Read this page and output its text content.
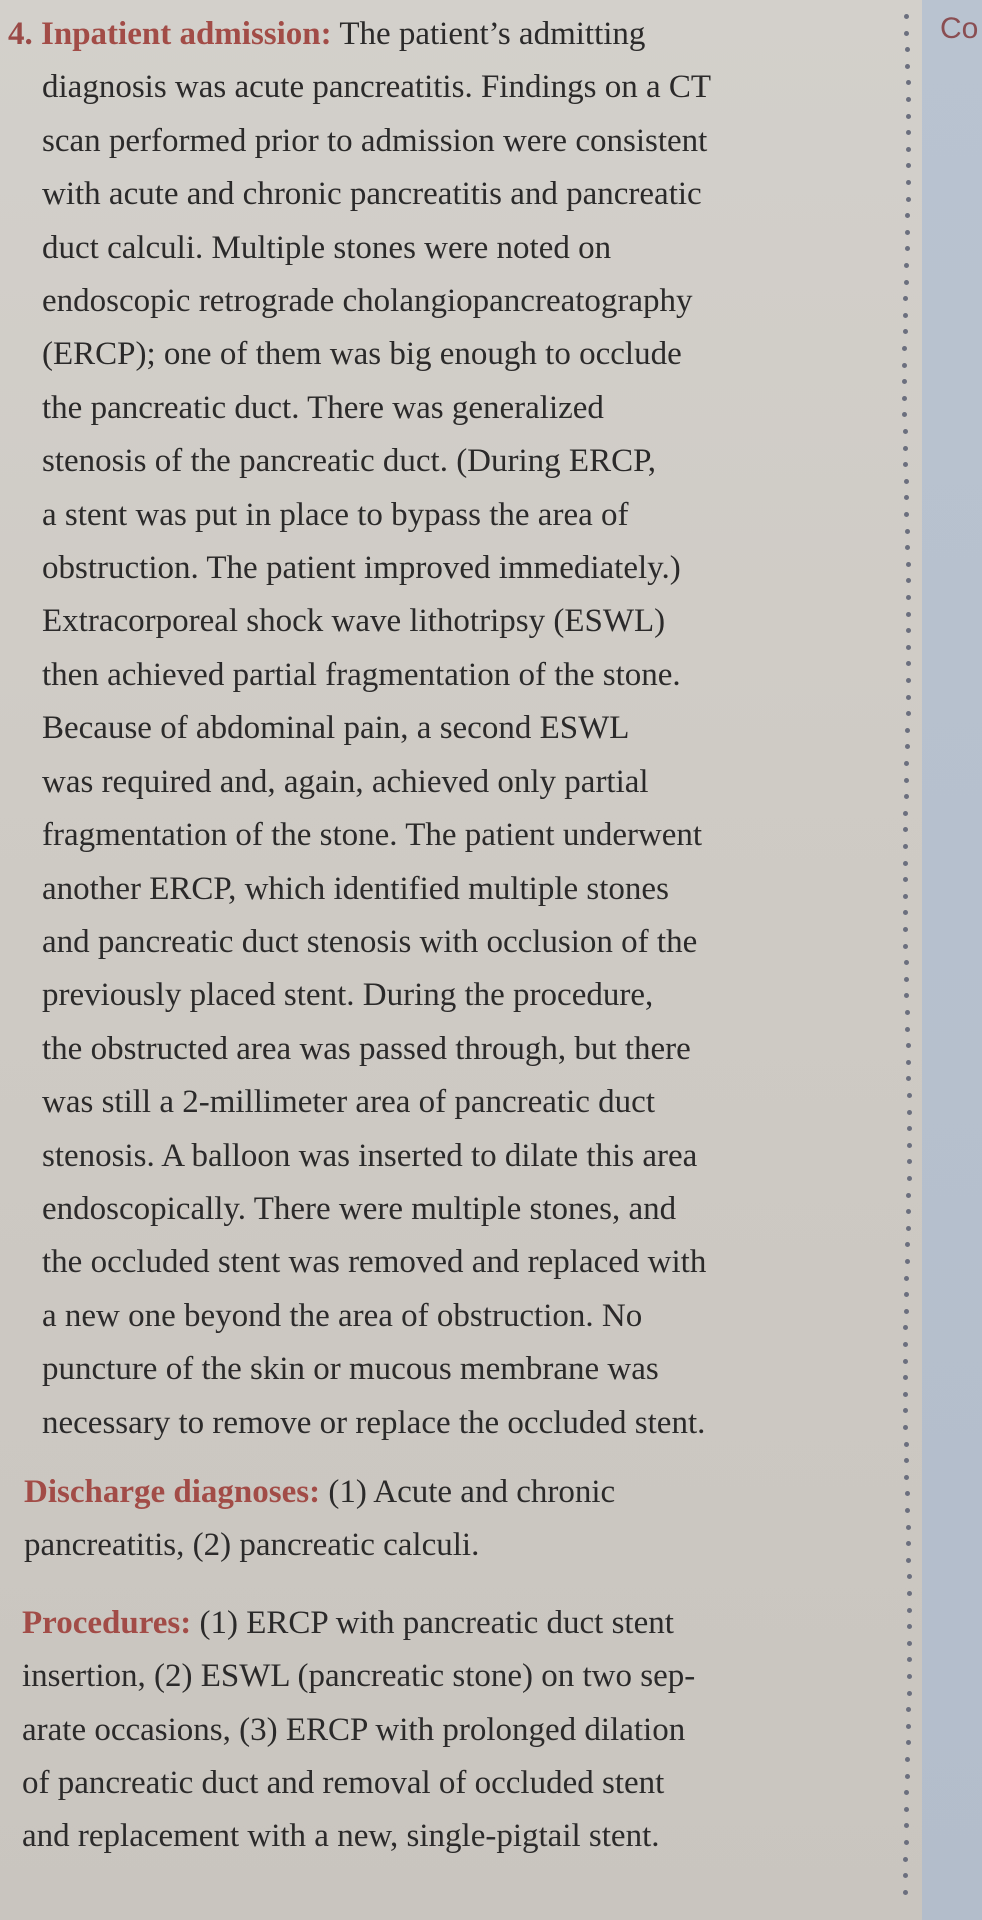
4. Inpatient admission: The patient’s admitting
diagnosis was acute pancreatitis. Findings on a CT
scan performed prior to admission were consistent
with acute and chronic pancreatitis and pancreatic
duct calculi. Multiple stones were noted on
endoscopic retrograde cholangiopancreatography
(ERCP); one of them was big enough to occlude
the pancreatic duct. There was generalized
stenosis of the pancreatic duct. (During ERCP,
a stent was put in place to bypass the area of
obstruction. The patient improved immediately.)
Extracorporeal shock wave lithotripsy (ESWL)
then achieved partial fragmentation of the stone.
Because of abdominal pain, a second ESWL
was required and, again, achieved only partial
fragmentation of the stone. The patient underwent
another ERCP, which identified multiple stones
and pancreatic duct stenosis with occlusion of the
previously placed stent. During the procedure,
the obstructed area was passed through, but there
was still a 2-millimeter area of pancreatic duct
stenosis. A balloon was inserted to dilate this area
endoscopically. There were multiple stones, and
the occluded stent was removed and replaced with
a new one beyond the area of obstruction. No
puncture of the skin or mucous membrane was
necessary to remove or replace the occluded stent.

Discharge diagnoses: (1) Acute and chronic
pancreatitis, (2) pancreatic calculi.

Procedures: (1) ERCP with pancreatic duct stent
insertion, (2) ESWL (pancreatic stone) on two sep-
arate occasions, (3) ERCP with prolonged dilation
of pancreatic duct and removal of occluded stent
and replacement with a new, single-pigtail stent.

Co
